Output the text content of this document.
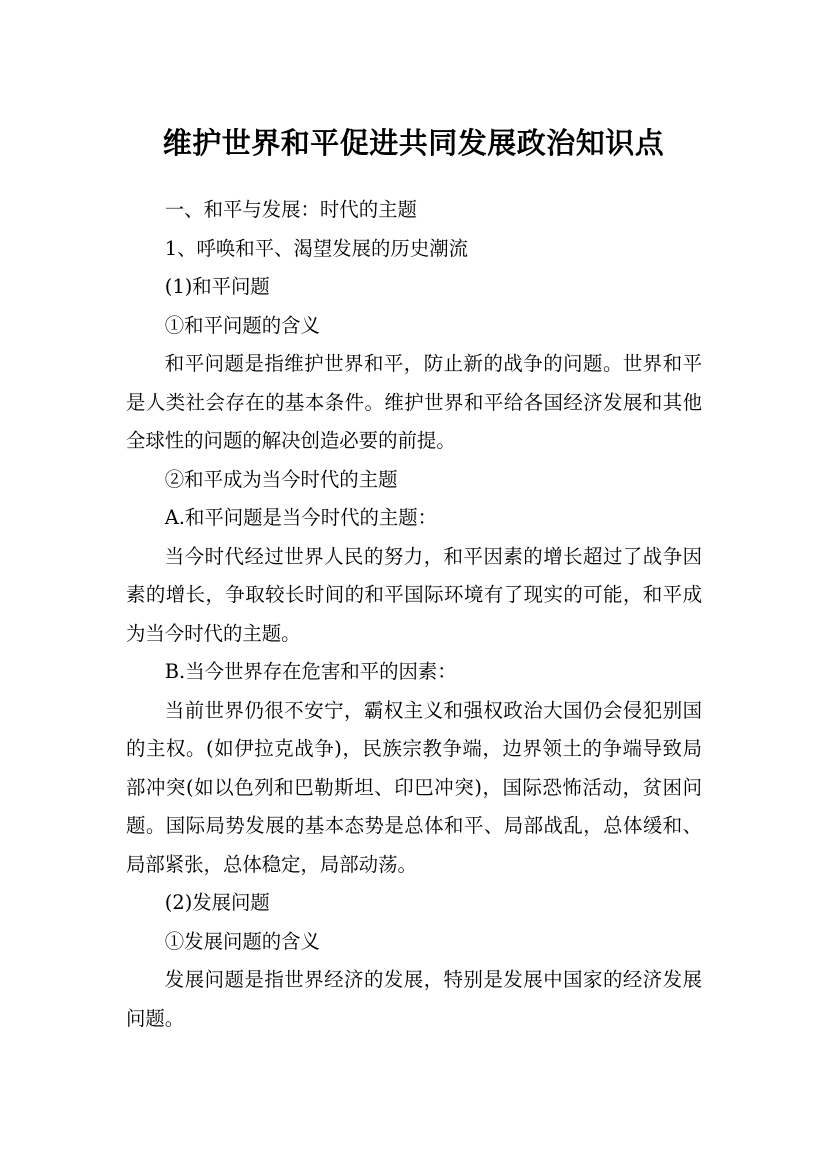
维护世界和平促进共同发展政治知识点

一、和平与发展：时代的主题

1、呼唤和平、渴望发展的历史潮流

(1)和平问题

①和平问题的含义

和平问题是指维护世界和平，防止新的战争的问题。世界和平是人类社会存在的基本条件。维护世界和平给各国经济发展和其他全球性的问题的解决创造必要的前提。

②和平成为当今时代的主题

A.和平问题是当今时代的主题：

当今时代经过世界人民的努力，和平因素的增长超过了战争因素的增长，争取较长时间的和平国际环境有了现实的可能，和平成为当今时代的主题。

B.当今世界存在危害和平的因素：

当前世界仍很不安宁，霸权主义和强权政治大国仍会侵犯别国的主权。(如伊拉克战争)，民族宗教争端，边界领土的争端导致局部冲突(如以色列和巴勒斯坦、印巴冲突)，国际恐怖活动，贫困问题。国际局势发展的基本态势是总体和平、局部战乱，总体缓和、局部紧张，总体稳定，局部动荡。

(2)发展问题

①发展问题的含义

发展问题是指世界经济的发展，特别是发展中国家的经济发展问题。
